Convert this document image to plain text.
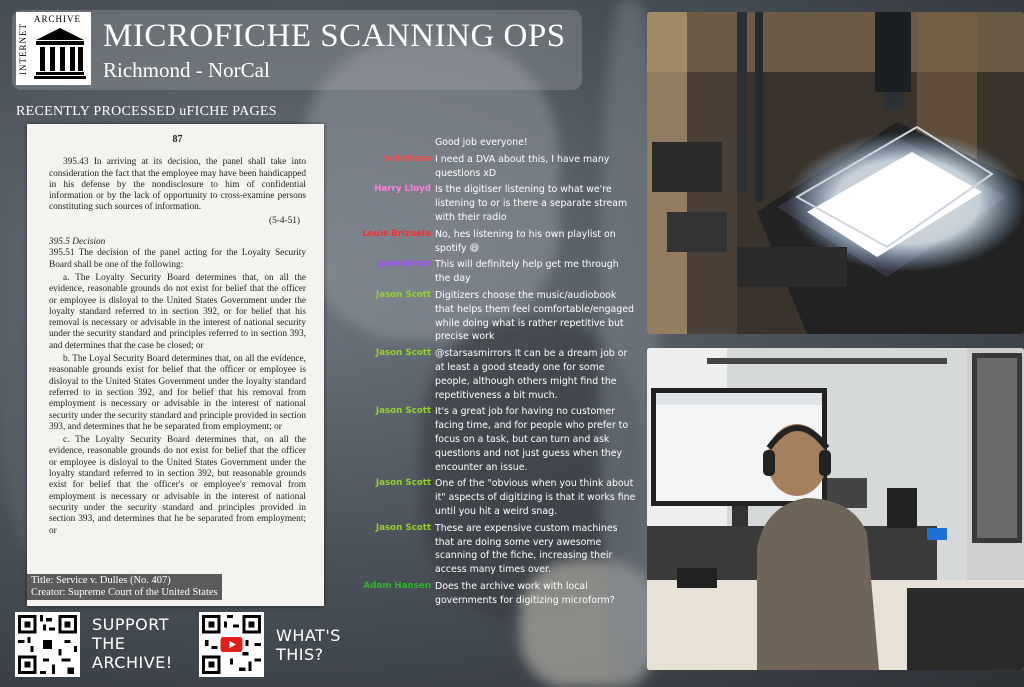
INTERNET
ARCHIVE MICROFICHE SCANNING OPS
Richmond - NorCal
RECENTLY PROCESSED uFICHE PAGES
87

395.43 In arriving at its decision, the panel shall take into consideration the fact that the employee may have been handicapped in his defense by the nondisclosure to him of confidential information or by the lack of opportunity to cross-examine persons constituting such sources of information.

(5-4-51)
395.5 Decision

395.51 The decision of the panel acting for the Loyalty Security Board shall be one of the following:

a. The Loyalty Security Board determines that, on all the evidence, reasonable grounds do not exist for belief that the officer or employee is disloyal to the United States Government under the loyalty standard referred to in section 392, or for belief that his removal is necessary or advisable in the interest of national security under the security standard and principles referred to in section 393, and determines that the case be closed; or

b. The Loyal Security Board determines that, on all the evidence, reasonable grounds exist for belief that the officer or employee is disloyal to the United States Government under the loyalty standard referred to in section 392, and for belief that his removal from employment is necessary or advisable in the interest of national security under the security standard and principle provided in section 393, and determines that he be separated from employment; or

c. The Loyalty Security Board determines that, on all the evidence, reasonable grounds do not exist for belief that the officer or employee is disloyal to the United States Government under the loyalty standard referred to in section 392, but reasonable grounds exist for belief that the officer's or employee's removal from employment is necessary or advisable in the interest of national security under the security standard and principles provided in section 393, and determines that he be separated from employment; or

Title: Service v. Dulles (No. 407)
Creator: Supreme Court of the United States
SUPPORT THE ARCHIVE!
WHAT'S THIS?
Good job everyone!
hrdnlrose I need a DVA about this, I have many questions xD
Harry Lloyd Is the digitiser listening to what we're listening to or is there a separate stream with their radio
Louis Brizuela No, hes listening to his own playlist on spotify 😄
parsmirror This will definitely help get me through the day
Jason Scott Digitizers choose the music/audiobook that helps them feel comfortable/engaged while doing what is rather repetitive but precise work
Jason Scott @starsasmirrors It can be a dream job or at least a good steady one for some people, although others might find the repetitiveness a bit much.
Jason Scott It's a great job for having no customer facing time, and for people who prefer to focus on a task, but can turn and ask questions and not just guess when they encounter an issue.
Jason Scott One of the "obvious when you think about it" aspects of digitizing is that it works fine until you hit a weird snag.
Jason Scott These are expensive custom machines that are doing some very awesome scanning of the fiche, increasing their access many times over.
Adam Hansen Does the archive work with local governments for digitizing microform?
